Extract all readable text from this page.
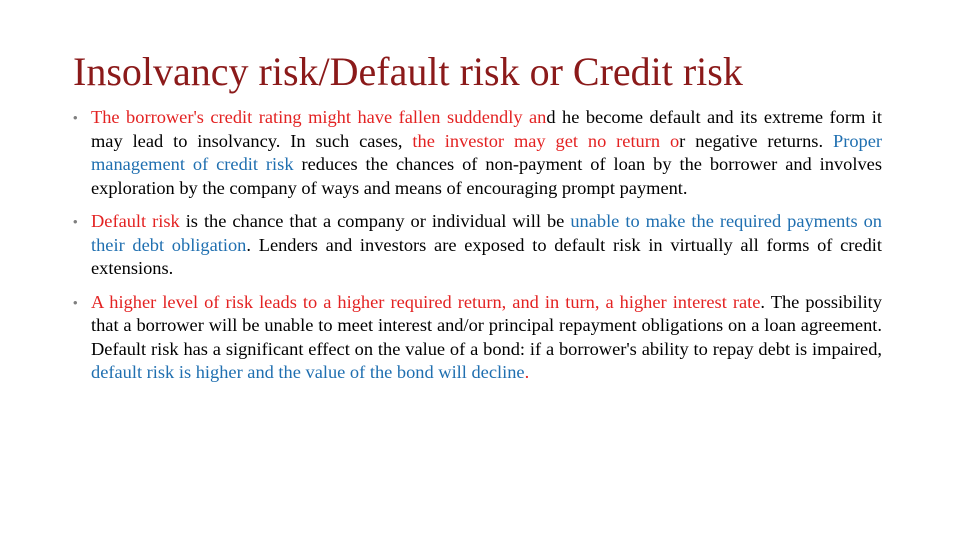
Insolvancy risk/Default risk or Credit risk
• The borrower's credit rating might have fallen suddendly and he become default and its extreme form it may lead to insolvancy. In such cases, the investor may get no return or negative returns. Proper management of credit risk reduces the chances of non-payment of loan by the borrower and involves exploration by the company of ways and means of encouraging prompt payment.
• Default risk is the chance that a company or individual will be unable to make the required payments on their debt obligation. Lenders and investors are exposed to default risk in virtually all forms of credit extensions.
• A higher level of risk leads to a higher required return, and in turn, a higher interest rate. The possibility that a borrower will be unable to meet interest and/or principal repayment obligations on a loan agreement. Default risk has a significant effect on the value of a bond: if a borrower's ability to repay debt is impaired, default risk is higher and the value of the bond will decline.
